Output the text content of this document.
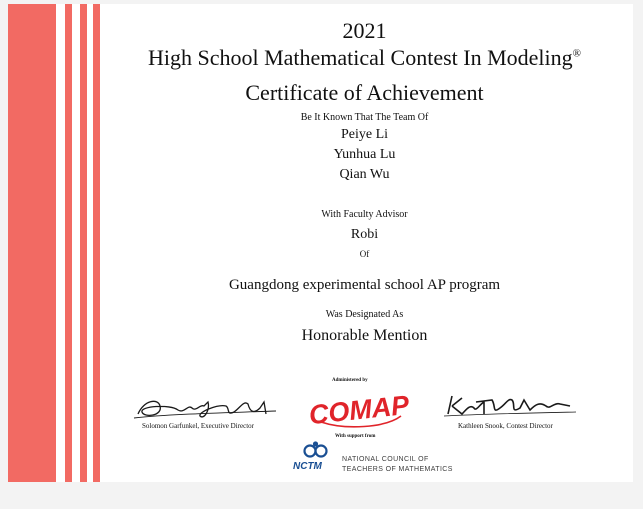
2021
High School Mathematical Contest In Modeling®
Certificate of Achievement
Be It Known That The Team Of
Peiye Li
Yunhua Lu
Qian Wu
With Faculty Advisor
Robi
Of
Guangdong experimental school AP program
Was Designated As
Honorable Mention
Solomon Garfunkel, Executive Director
Administered by
COMAP
With support from
NCTM
NATIONAL COUNCIL OF
TEACHERS OF MATHEMATICS
Kathleen Snook, Contest Director
